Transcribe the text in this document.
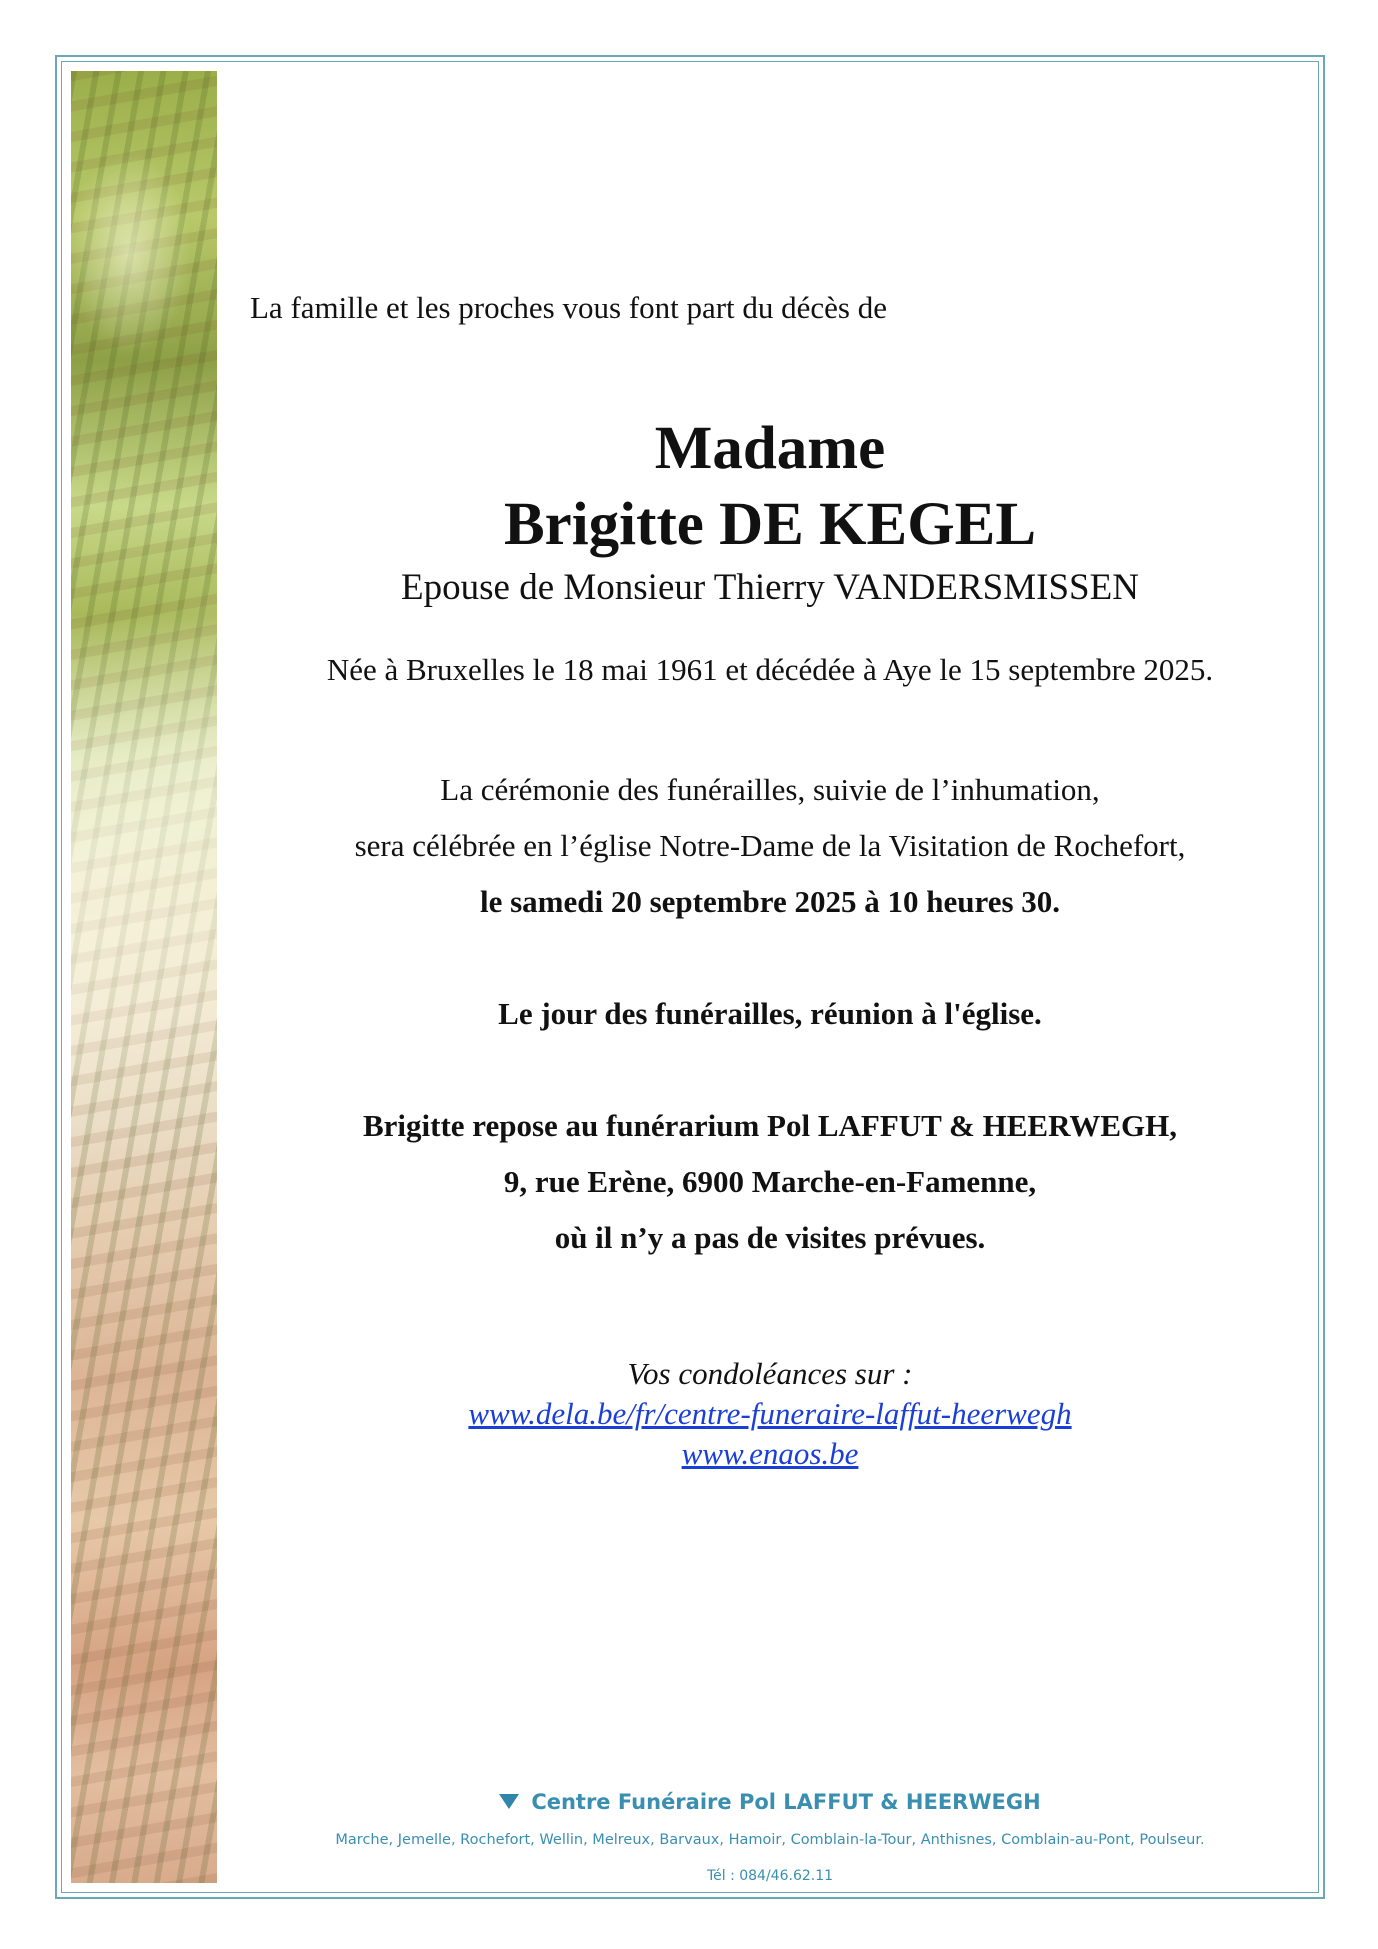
La famille et les proches vous font part du décès de

Madame

Brigitte DE KEGEL

Epouse de Monsieur Thierry VANDERSMISSEN

Née à Bruxelles le 18 mai 1961 et décédée à Aye le 15 septembre 2025.

La cérémonie des funérailles, suivie de l’inhumation,

sera célébrée en l’église Notre-Dame de la Visitation de Rochefort,

le samedi 20 septembre 2025 à 10 heures 30.

Le jour des funérailles, réunion à l'église.

Brigitte repose au funérarium Pol LAFFUT & HEERWEGH,

9, rue Erène, 6900 Marche-en-Famenne,

où il n’y a pas de visites prévues.

Vos condoléances sur :

www.dela.be/fr/centre-funeraire-laffut-heerwegh

www.enaos.be

Centre Funéraire Pol LAFFUT & HEERWEGH
Marche, Jemelle, Rochefort, Wellin, Melreux, Barvaux, Hamoir, Comblain-la-Tour, Anthisnes, Comblain-au-Pont, Poulseur.
Tél : 084/46.62.11
